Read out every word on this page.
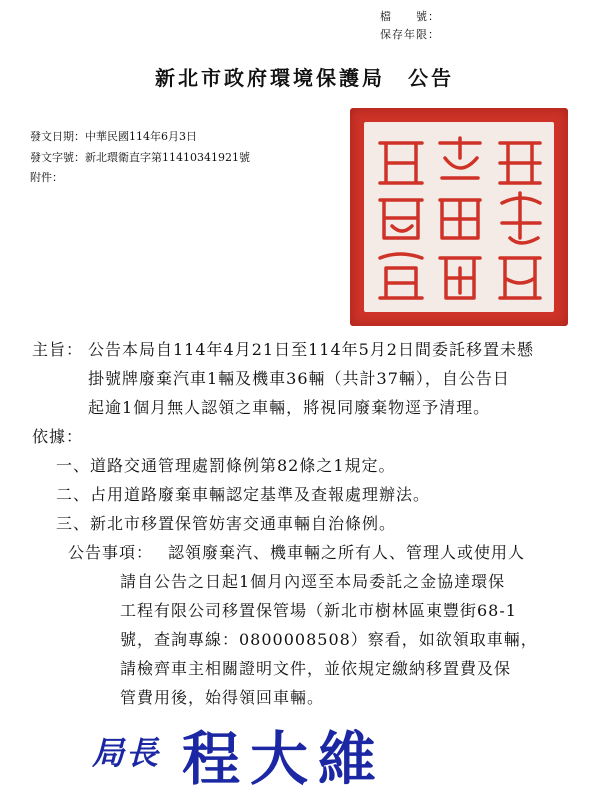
檔　　號：
保存年限：
新北市政府環境保護局　公告
發文日期：中華民國114年6月3日
發文字號：新北環衛直字第11410341921號
附件：
主旨： 公告本局自114年4月21日至114年5月2日間委託移置未懸
掛號牌廢棄汽車1輛及機車36輛（共計37輛），自公告日
起逾1個月無人認領之車輛，將視同廢棄物逕予清理。
依據：
一、道路交通管理處罰條例第82條之1規定。
二、占用道路廢棄車輛認定基準及查報處理辦法。
三、新北市移置保管妨害交通車輛自治條例。
公告事項： 認領廢棄汽、機車輛之所有人、管理人或使用人
請自公告之日起1個月內逕至本局委託之金協達環保
工程有限公司移置保管場（新北市樹林區東豐街68-1
號，查詢專線：0800008508）察看，如欲領取車輛，
請檢齊車主相關證明文件，並依規定繳納移置費及保
管費用後，始得領回車輛。
局長 程大維
